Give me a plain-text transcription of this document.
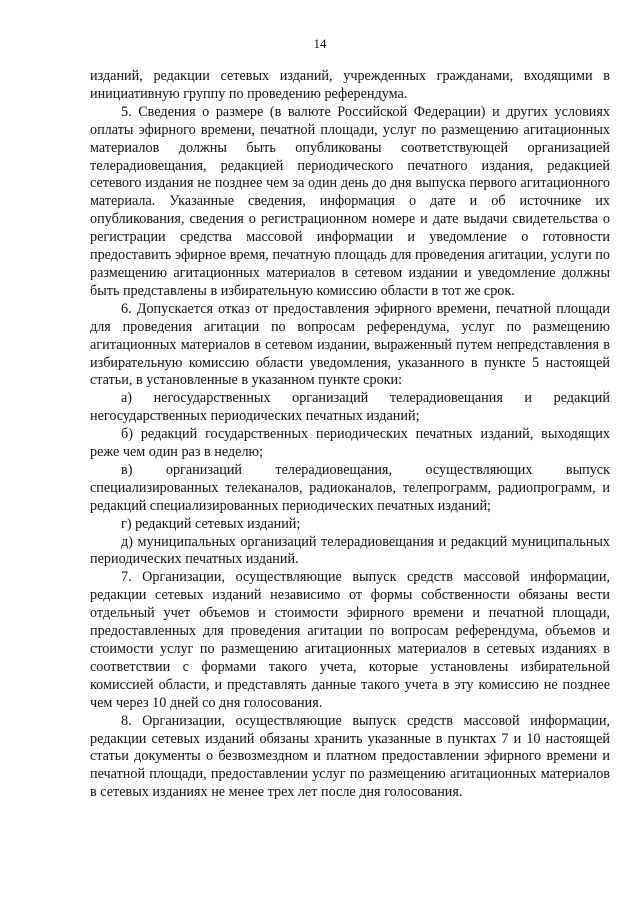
14

изданий, редакции сетевых изданий, учрежденных гражданами, входящими в инициативную группу по проведению референдума.

5. Сведения о размере (в валюте Российской Федерации) и других условиях оплаты эфирного времени, печатной площади, услуг по размещению агитационных материалов должны быть опубликованы соответствующей организацией телерадиовещания, редакцией периодического печатного издания, редакцией сетевого издания не позднее чем за один день до дня выпуска первого агитационного материала. Указанные сведения, информация о дате и об источнике их опубликования, сведения о регистрационном номере и дате выдачи свидетельства о регистрации средства массовой информации и уведомление о готовности предоставить эфирное время, печатную площадь для проведения агитации, услуги по размещению агитационных материалов в сетевом издании и уведомление должны быть представлены в избирательную комиссию области в тот же срок.

6. Допускается отказ от предоставления эфирного времени, печатной площади для проведения агитации по вопросам референдума, услуг по размещению агитационных материалов в сетевом издании, выраженный путем непредставления в избирательную комиссию области уведомления, указанного в пункте 5 настоящей статьи, в установленные в указанном пункте сроки:

а) негосударственных организаций телерадиовещания и редакций негосударственных периодических печатных изданий;

б) редакций государственных периодических печатных изданий, выходящих реже чем один раз в неделю;

в) организаций телерадиовещания, осуществляющих выпуск специализированных телеканалов, радиоканалов, телепрограмм, радиопрограмм, и редакций специализированных периодических печатных изданий;

г) редакций сетевых изданий;

д) муниципальных организаций телерадиовещания и редакций муниципальных периодических печатных изданий.

7. Организации, осуществляющие выпуск средств массовой информации, редакции сетевых изданий независимо от формы собственности обязаны вести отдельный учет объемов и стоимости эфирного времени и печатной площади, предоставленных для проведения агитации по вопросам референдума, объемов и стоимости услуг по размещению агитационных материалов в сетевых изданиях в соответствии с формами такого учета, которые установлены избирательной комиссией области, и представлять данные такого учета в эту комиссию не позднее чем через 10 дней со дня голосования.

8. Организации, осуществляющие выпуск средств массовой информации, редакции сетевых изданий обязаны хранить указанные в пунктах 7 и 10 настоящей статьи документы о безвозмездном и платном предоставлении эфирного времени и печатной площади, предоставлении услуг по размещению агитационных материалов в сетевых изданиях не менее трех лет после дня голосования.
